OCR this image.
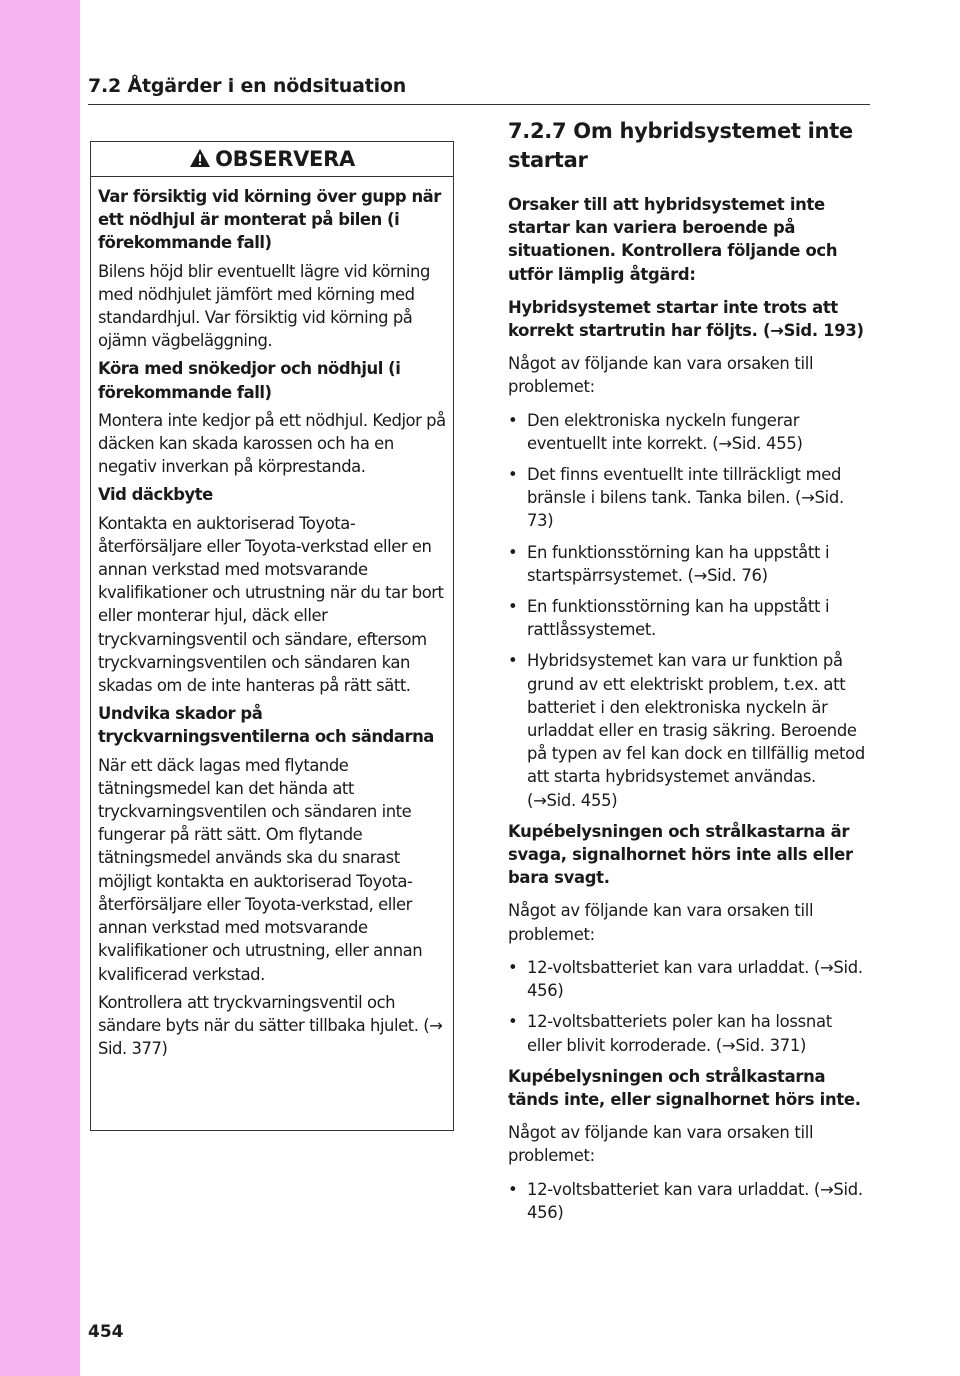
7.2 Åtgärder i en nödsituation
OBSERVERA

Var försiktig vid körning över gupp när ett nödhjul är monterat på bilen (i förekommande fall)

Bilens höjd blir eventuellt lägre vid körning med nödhjulet jämfört med körning med standardhjul. Var försiktig vid körning på ojämn vägbeläggning.

Köra med snökedjor och nödhjul (i förekommande fall)

Montera inte kedjor på ett nödhjul. Kedjor på däcken kan skada karossen och ha en negativ inverkan på körprestanda.

Vid däckbyte

Kontakta en auktoriserad Toyota-återförsäljare eller Toyota-verkstad eller en annan verkstad med motsvarande kvalifikationer och utrustning när du tar bort eller monterar hjul, däck eller tryckvarningsventil och sändare, eftersom tryckvarningsventilen och sändaren kan skadas om de inte hanteras på rätt sätt.

Undvika skador på tryckvarningsventilerna och sändarna

När ett däck lagas med flytande tätningsmedel kan det hända att tryckvarningsventilen och sändaren inte fungerar på rätt sätt. Om flytande tätningsmedel används ska du snarast möjligt kontakta en auktoriserad Toyota-återförsäljare eller Toyota-verkstad, eller annan verkstad med motsvarande kvalifikationer och utrustning, eller annan kvalificerad verkstad.

Kontrollera att tryckvarningsventil och sändare byts när du sätter tillbaka hjulet. (→ Sid. 377)

7.2.7 Om hybridsystemet inte startar

Orsaker till att hybridsystemet inte startar kan variera beroende på situationen. Kontrollera följande och utför lämplig åtgärd:

Hybridsystemet startar inte trots att korrekt startrutin har följts. (→Sid. 193)

Något av följande kan vara orsaken till problemet:

• Den elektroniska nyckeln fungerar eventuellt inte korrekt. (→Sid. 455)
• Det finns eventuellt inte tillräckligt med bränsle i bilens tank. Tanka bilen. (→Sid. 73)
• En funktionsstörning kan ha uppstått i startspärrsystemet. (→Sid. 76)
• En funktionsstörning kan ha uppstått i rattlåssystemet.
• Hybridsystemet kan vara ur funktion på grund av ett elektriskt problem, t.ex. att batteriet i den elektroniska nyckeln är urladdat eller en trasig säkring. Beroende på typen av fel kan dock en tillfällig metod att starta hybridsystemet användas. (→Sid. 455)

Kupébelysningen och strålkastarna är svaga, signalhornet hörs inte alls eller bara svagt.

Något av följande kan vara orsaken till problemet:

• 12-voltsbatteriet kan vara urladdat. (→Sid. 456)
• 12-voltsbatteriets poler kan ha lossnat eller blivit korroderade. (→Sid. 371)

Kupébelysningen och strålkastarna tänds inte, eller signalhornet hörs inte.

Något av följande kan vara orsaken till problemet:

• 12-voltsbatteriet kan vara urladdat. (→Sid. 456)
454
